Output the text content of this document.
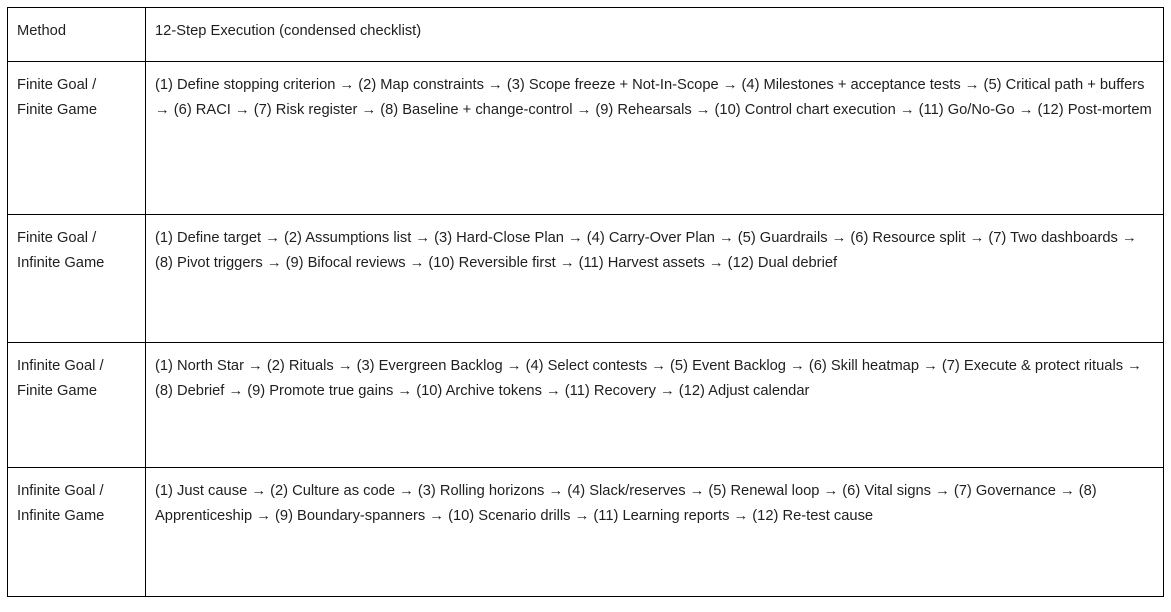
Method	12-Step Execution (condensed checklist)
Finite Goal / Finite Game	(1) Define stopping criterion → (2) Map constraints → (3) Scope freeze + Not-In-Scope → (4) Milestones + acceptance tests → (5) Critical path + buffers → (6) RACI → (7) Risk register → (8) Baseline + change-control → (9) Rehearsals → (10) Control chart execution → (11) Go/No-Go → (12) Post-mortem
Finite Goal / Infinite Game	(1) Define target → (2) Assumptions list → (3) Hard-Close Plan → (4) Carry-Over Plan → (5) Guardrails → (6) Resource split → (7) Two dashboards → (8) Pivot triggers → (9) Bifocal reviews → (10) Reversible first → (11) Harvest assets → (12) Dual debrief
Infinite Goal / Finite Game	(1) North Star → (2) Rituals → (3) Evergreen Backlog → (4) Select contests → (5) Event Backlog → (6) Skill heatmap → (7) Execute & protect rituals → (8) Debrief → (9) Promote true gains → (10) Archive tokens → (11) Recovery → (12) Adjust calendar
Infinite Goal / Infinite Game	(1) Just cause → (2) Culture as code → (3) Rolling horizons → (4) Slack/reserves → (5) Renewal loop → (6) Vital signs → (7) Governance → (8) Apprenticeship → (9) Boundary-spanners → (10) Scenario drills → (11) Learning reports → (12) Re-test cause
